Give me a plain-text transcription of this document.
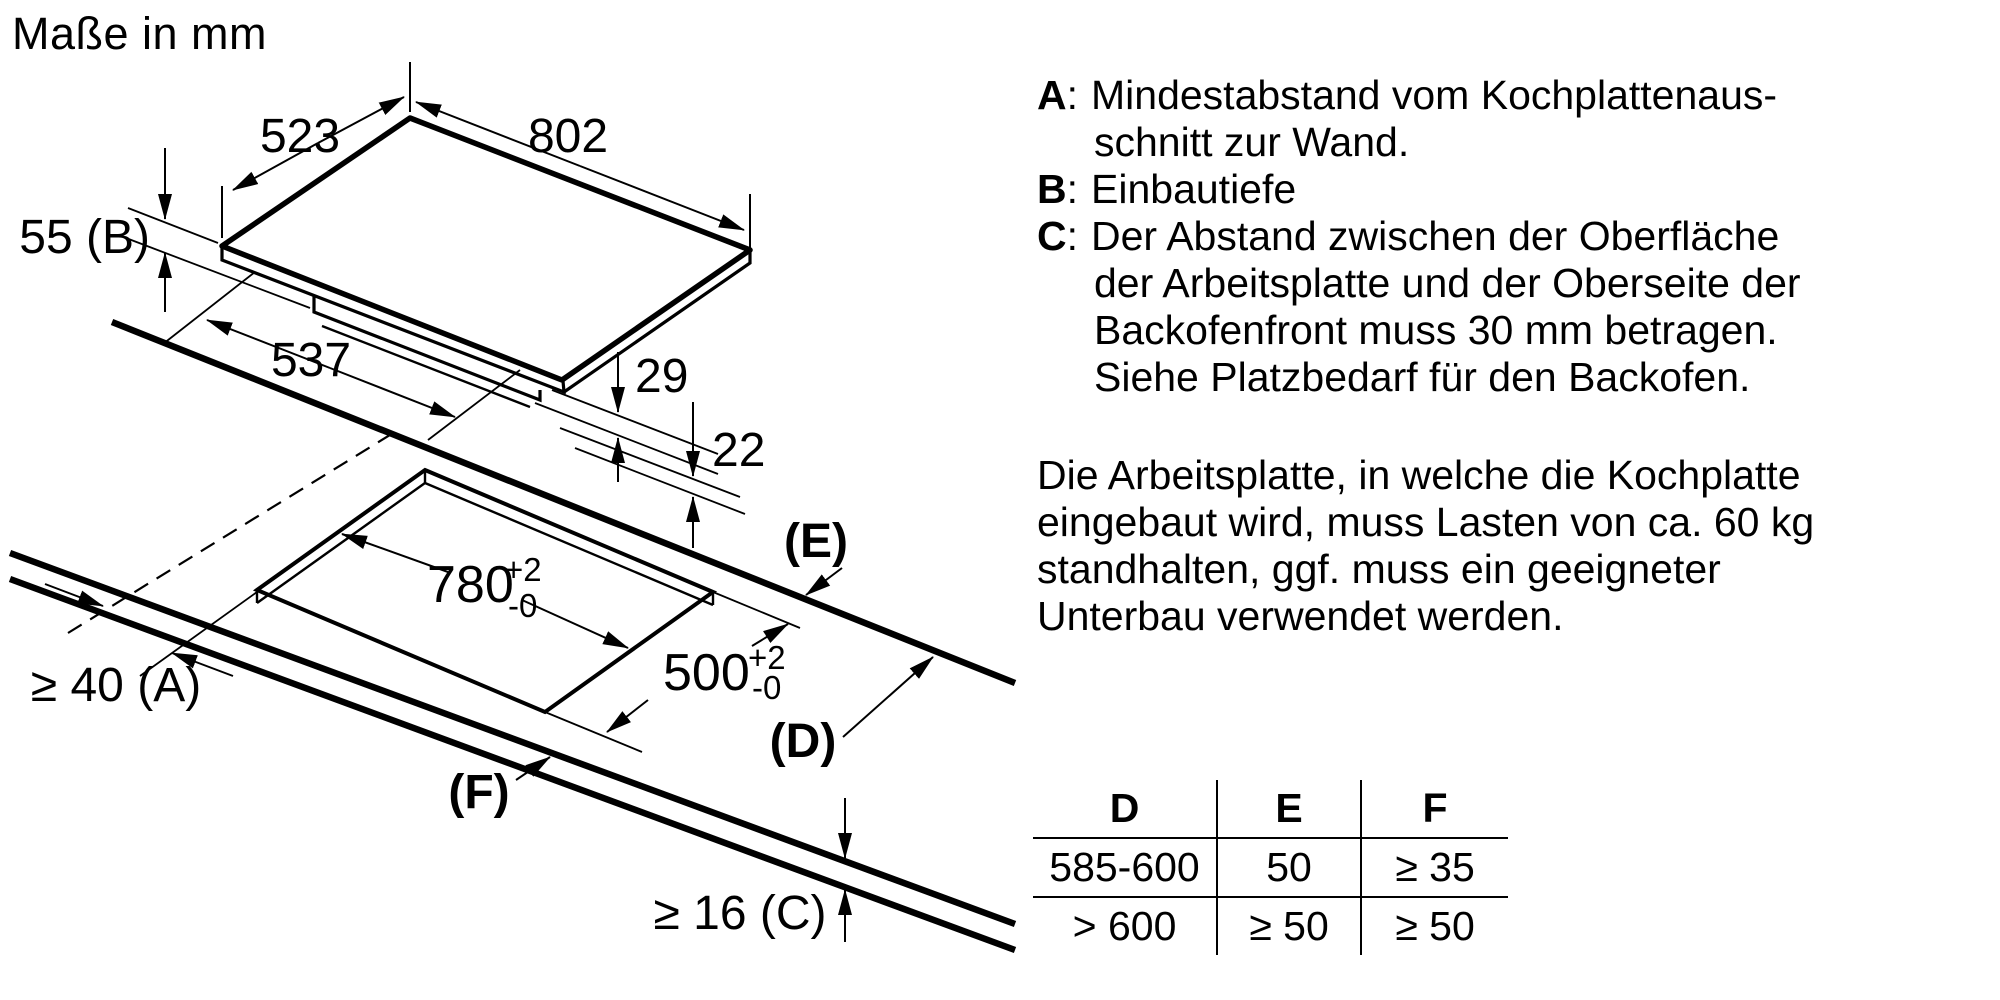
Maße in mm
523	802
55 (B)
537	29
22
780
+2
-0
500
+2
-0
≥ 40 (A)
(E)
(D)
(F)
≥ 16 (C)
A: Mindestabstand vom Kochplattenaus-
schnitt zur Wand.
B: Einbautiefe
C: Der Abstand zwischen der Oberfläche
der Arbeitsplatte und der Oberseite der
Backofenfront muss 30 mm betragen.
Siehe Platzbedarf für den Backofen.
Die Arbeitsplatte, in welche die Kochplatte
eingebaut wird, muss Lasten von ca. 60 kg
standhalten, ggf. muss ein geeigneter
Unterbau verwendet werden.
D	E	F
585-600	50	≥ 35
> 600	≥ 50	≥ 50
